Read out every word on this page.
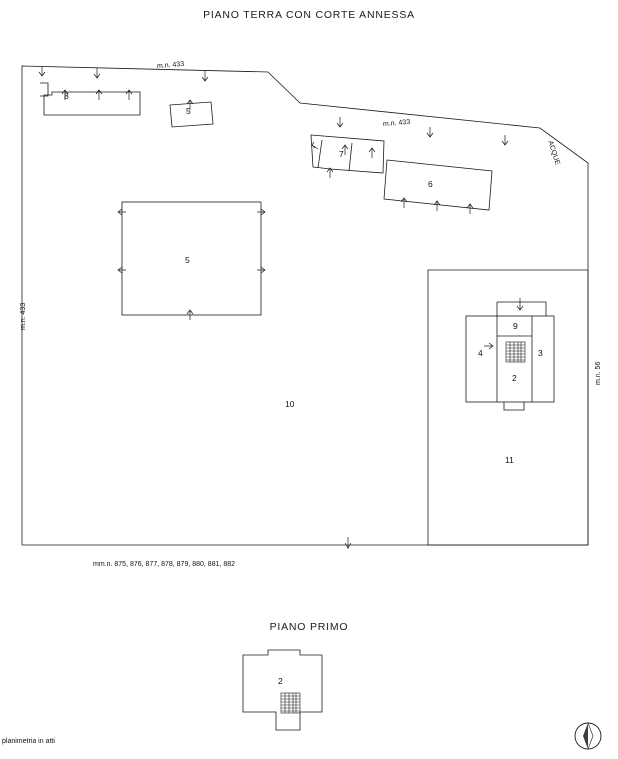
PIANO TERRA CON CORTE ANNESSA
PIANO PRIMO
m.n. 433
m.n. 433
m.n. 433
m.n. 56
ACQUE
mm.n. 875, 876, 877, 878, 879, 880, 881, 882
8
5
7
6
5
10
9
4	3
2
11
2
planimetria in atti
